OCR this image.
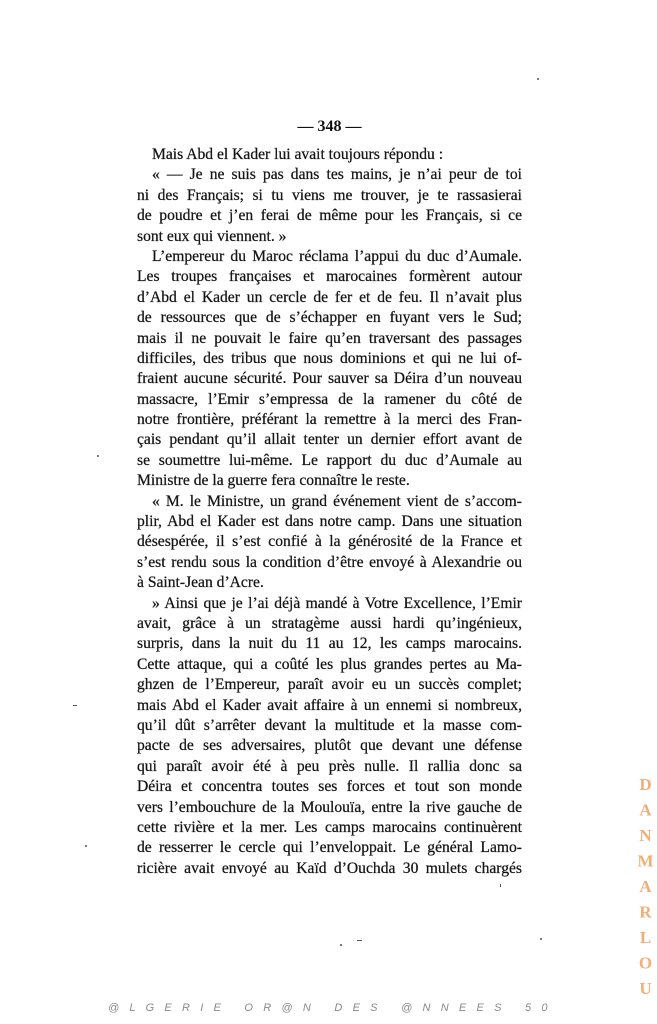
— 348 —
Mais Abd el Kader lui avait toujours répondu :
« — Je ne suis pas dans tes mains, je n’ai peur de toi
ni des Français; si tu viens me trouver, je te rassasierai
de poudre et j’en ferai de même pour les Français, si ce
sont eux qui viennent. »
L’empereur du Maroc réclama l’appui du duc d’Aumale.
Les troupes françaises et marocaines formèrent autour
d’Abd el Kader un cercle de fer et de feu. Il n’avait plus
de ressources que de s’échapper en fuyant vers le Sud;
mais il ne pouvait le faire qu’en traversant des passages
difficiles, des tribus que nous dominions et qui ne lui of-
fraient aucune sécurité. Pour sauver sa Déira d’un nouveau
massacre, l’Emir s’empressa de la ramener du côté de
notre frontière, préférant la remettre à la merci des Fran-
çais pendant qu’il allait tenter un dernier effort avant de
se soumettre lui-même. Le rapport du duc d’Aumale au
Ministre de la guerre fera connaître le reste.
« M. le Ministre, un grand événement vient de s’accom-
plir, Abd el Kader est dans notre camp. Dans une situation
désespérée, il s’est confié à la générosité de la France et
s’est rendu sous la condition d’être envoyé à Alexandrie ou
à Saint-Jean d’Acre.
» Ainsi que je l’ai déjà mandé à Votre Excellence, l’Emir
avait, grâce à un stratagème aussi hardi qu’ingénieux,
surpris, dans la nuit du 11 au 12, les camps marocains.
Cette attaque, qui a coûté les plus grandes pertes au Ma-
ghzen de l’Empereur, paraît avoir eu un succès complet;
mais Abd el Kader avait affaire à un ennemi si nombreux,
qu’il dût s’arrêter devant la multitude et la masse com-
pacte de ses adversaires, plutôt que devant une défense
qui paraît avoir été à peu près nulle. Il rallia donc sa
Déira et concentra toutes ses forces et tout son monde
vers l’embouchure de la Moulouïa, entre la rive gauche de
cette rivière et la mer. Les camps marocains continuèrent
de resserrer le cercle qui l’enveloppait. Le général Lamo-
ricière avait envoyé au Kaïd d’Ouchda 30 mulets chargés	DANMARLOU
@ L G E R I E   O R @ N   D E S   @ N N E E S   5 0
